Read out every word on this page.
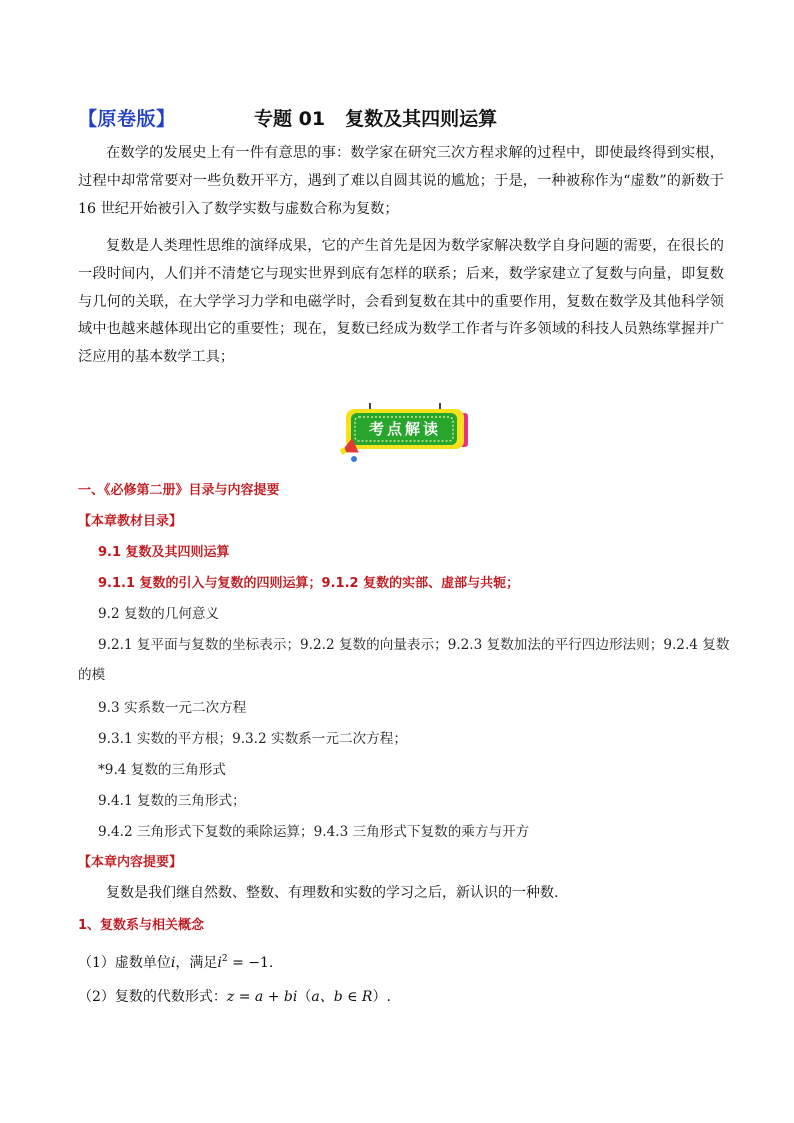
【原卷版】	专题 01 复数及其四则运算
在数学的发展史上有一件有意思的事：数学家在研究三次方程求解的过程中，即使最终得到实根，过程中却常常要对一些负数开平方，遇到了难以自圆其说的尴尬；于是，一种被称作为“虚数”的新数于 16 世纪开始被引入了数学实数与虚数合称为复数；
复数是人类理性思维的演绎成果，它的产生首先是因为数学家解决数学自身问题的需要，在很长的一段时间内，人们并不清楚它与现实世界到底有怎样的联系；后来，数学家建立了复数与向量，即复数与几何的关联，在大学学习力学和电磁学时，会看到复数在其中的重要作用，复数在数学及其他科学领域中也越来越体现出它的重要性；现在，复数已经成为数学工作者与许多领域的科技人员熟练掌握并广泛应用的基本数学工具；
考点解读
一、《必修第二册》目录与内容提要
【本章教材目录】
9.1 复数及其四则运算
9.1.1 复数的引入与复数的四则运算；9.1.2 复数的实部、虚部与共轭；
9.2 复数的几何意义
9.2.1 复平面与复数的坐标表示；9.2.2 复数的向量表示；9.2.3 复数加法的平行四边形法则；9.2.4 复数
的模
9.3 实系数一元二次方程
9.3.1 实数的平方根；9.3.2 实数系一元二次方程；
*9.4 复数的三角形式
9.4.1 复数的三角形式；
9.4.2 三角形式下复数的乘除运算；9.4.3 三角形式下复数的乘方与开方
【本章内容提要】
复数是我们继自然数、整数、有理数和实数的学习之后，新认识的一种数.
1、复数系与相关概念
（1）虚数单位i，满足$i^2 = -1$.
（2）复数的代数形式：z = a + bi（a、b ∈ R）.
